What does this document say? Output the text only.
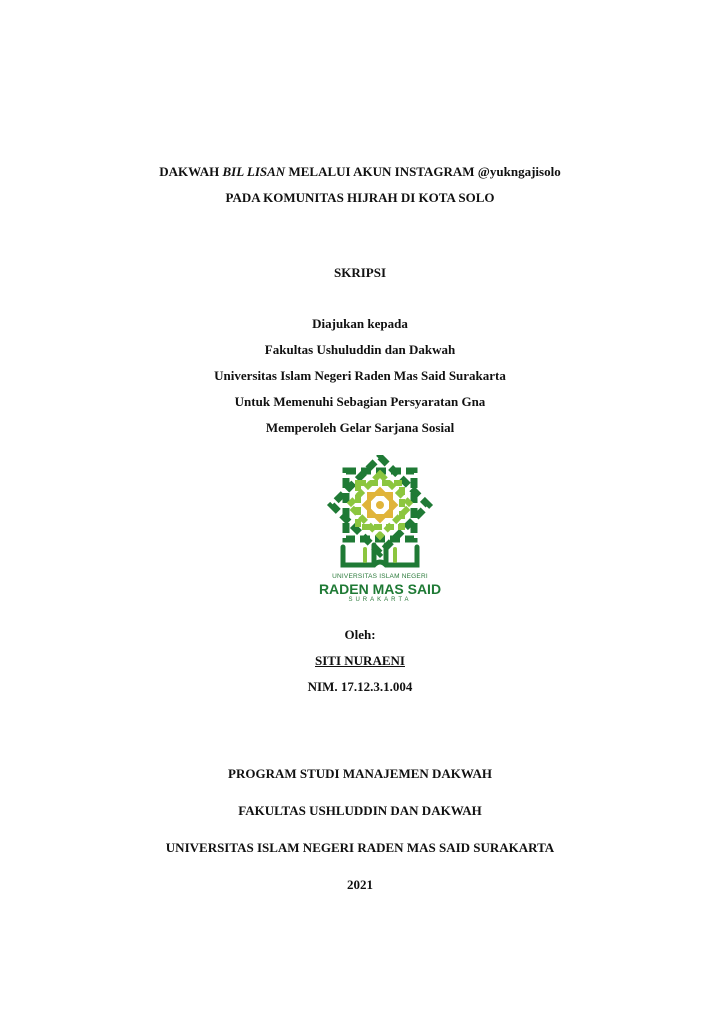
DAKWAH BIL LISAN MELALUI AKUN INSTAGRAM @yukngajisolo
PADA KOMUNITAS HIJRAH DI KOTA SOLO
SKRIPSI
Diajukan kepada
Fakultas Ushuluddin dan Dakwah
Universitas Islam Negeri Raden Mas Said Surakarta
Untuk Memenuhi Sebagian Persyaratan Gna
Memperoleh Gelar Sarjana Sosial
UNIVERSITAS ISLAM NEGERI
RADEN MAS SAID
SURAKARTA
Oleh:
SITI NURAENI
NIM. 17.12.3.1.004
PROGRAM STUDI MANAJEMEN DAKWAH
FAKULTAS USHLUDDIN DAN DAKWAH
UNIVERSITAS ISLAM NEGERI RADEN MAS SAID SURAKARTA
2021
